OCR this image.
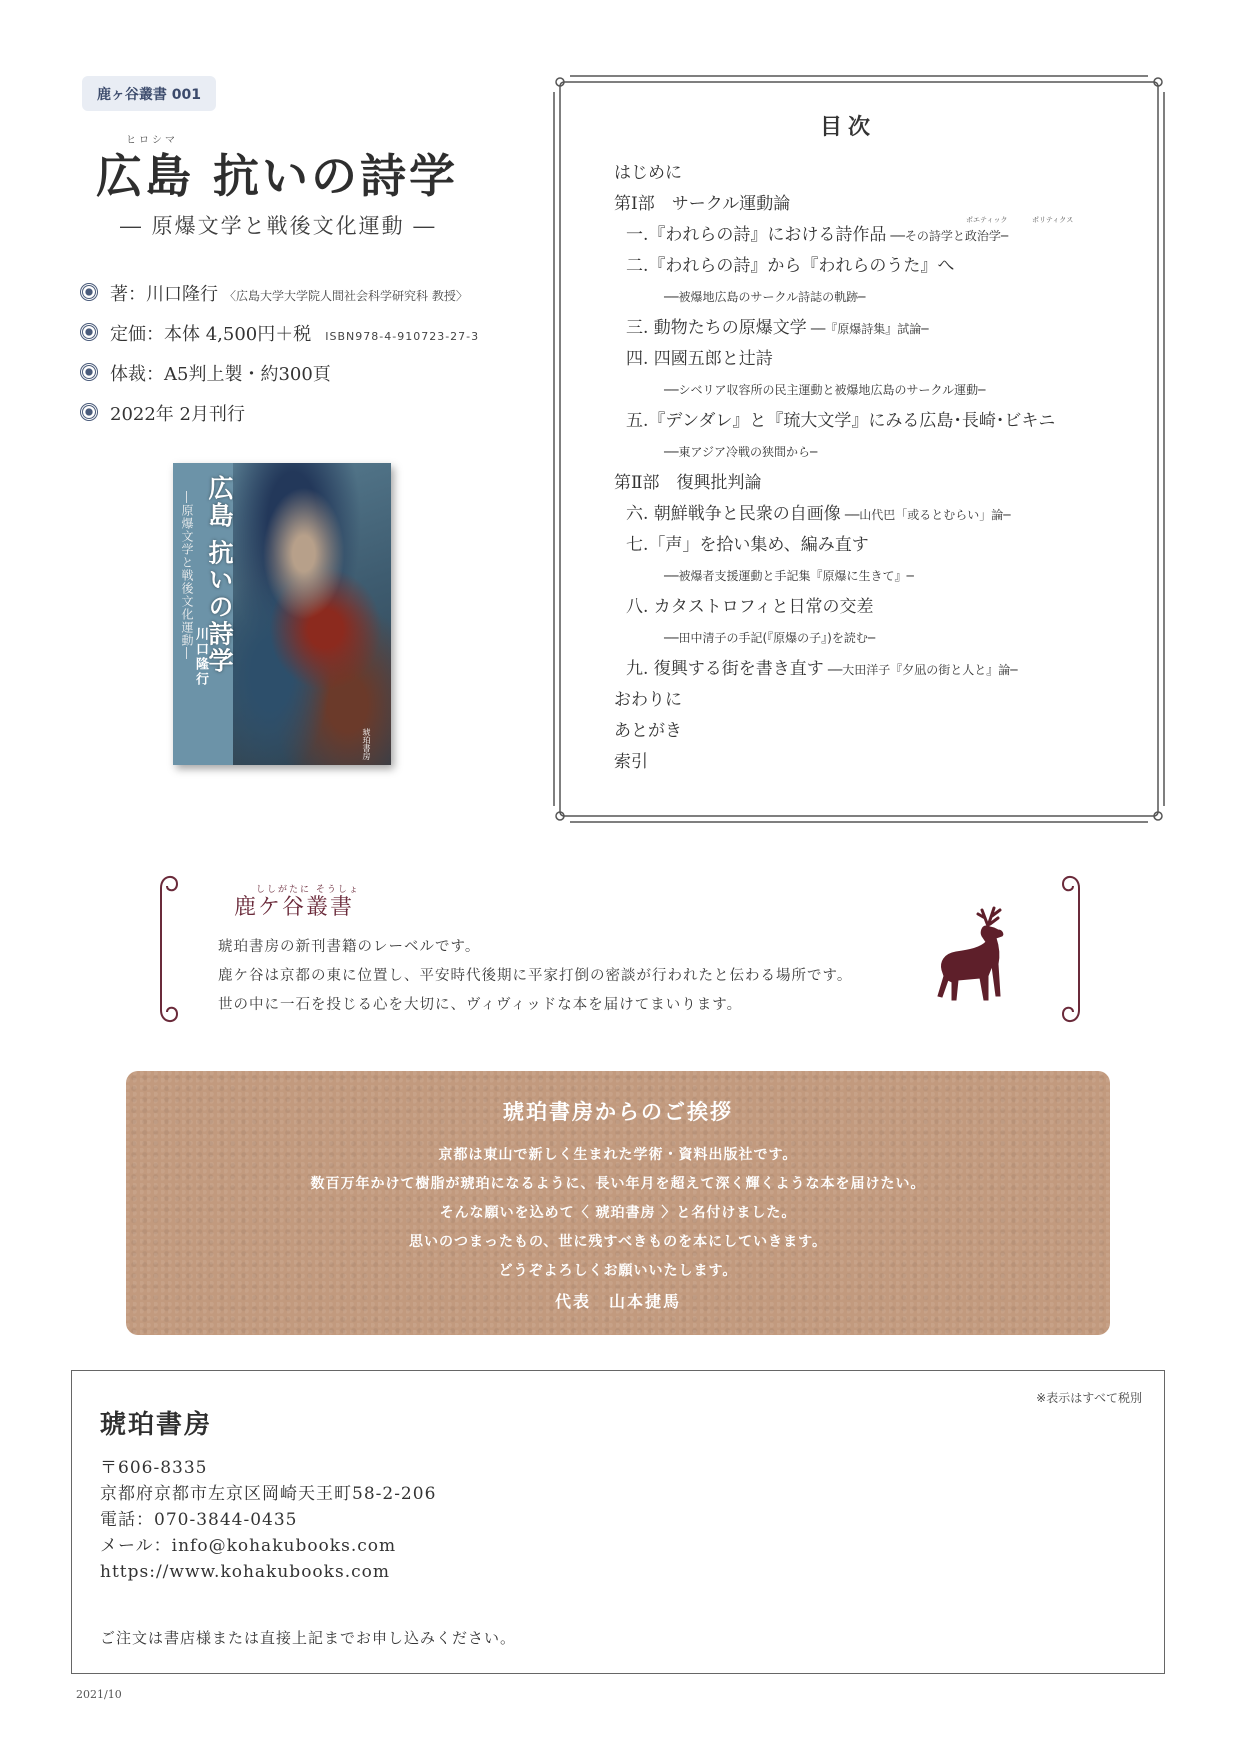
鹿ヶ谷叢書 001
ヒロシマ
広島 抗いの詩学
― 原爆文学と戦後文化運動 ―
著：川口隆行 〈広島大学大学院人間社会科学研究科 教授〉
定価：本体 4,500円＋税 ISBN978-4-910723-27-3
体裁：A5判上製・約300頁
2022年 2月刊行
広島 抗いの詩学
―原爆文学と戦後文化運動― 川口隆行
琥珀書房
目次
ポエティック	ポリティクス
はじめに
第Ⅰ部　サークル運動論
一.『われらの詩』における詩作品 ──その詩学と政治学─
二.『われらの詩』から『われらのうた』へ
──被爆地広島のサークル詩誌の軌跡─
三. 動物たちの原爆文学 ──『原爆詩集』試論─
四. 四國五郎と辻詩
──シベリア収容所の民主運動と被爆地広島のサークル運動─
五.『デンダレ』と『琉大文学』にみる広島･長崎･ビキニ
──東アジア冷戦の狭間から─
第Ⅱ部　復興批判論
六. 朝鮮戦争と民衆の自画像 ──山代巴「或るとむらい」論─
七.「声」を拾い集め、編み直す
──被爆者支援運動と手記集『原爆に生きて』─
八. カタストロフィと日常の交差
──田中清子の手記(『原爆の子』)を読む─
九. 復興する街を書き直す ──大田洋子『夕凪の街と人と』論─
おわりに
あとがき
索引
ししがたに そうしょ
鹿ケ谷叢書
琥珀書房の新刊書籍のレーベルです。
鹿ケ谷は京都の東に位置し、平安時代後期に平家打倒の密談が行われたと伝わる場所です。
世の中に一石を投じる心を大切に、ヴィヴィッドな本を届けてまいります。
琥珀書房からのご挨拶
京都は東山で新しく生まれた学術・資料出版社です。
数百万年かけて樹脂が琥珀になるように、長い年月を超えて深く輝くような本を届けたい。
そんな願いを込めて〈 琥珀書房 〉と名付けました。
思いのつまったもの、世に残すべきものを本にしていきます。
どうぞよろしくお願いいたします。
代表　山本捷馬
※表示はすべて税別
琥珀書房
〒606-8335
京都府京都市左京区岡崎天王町58-2-206
電話：070-3844-0435
メール：info@kohakubooks.com
https://www.kohakubooks.com
ご注文は書店様または直接上記までお申し込みください。
2021/10
